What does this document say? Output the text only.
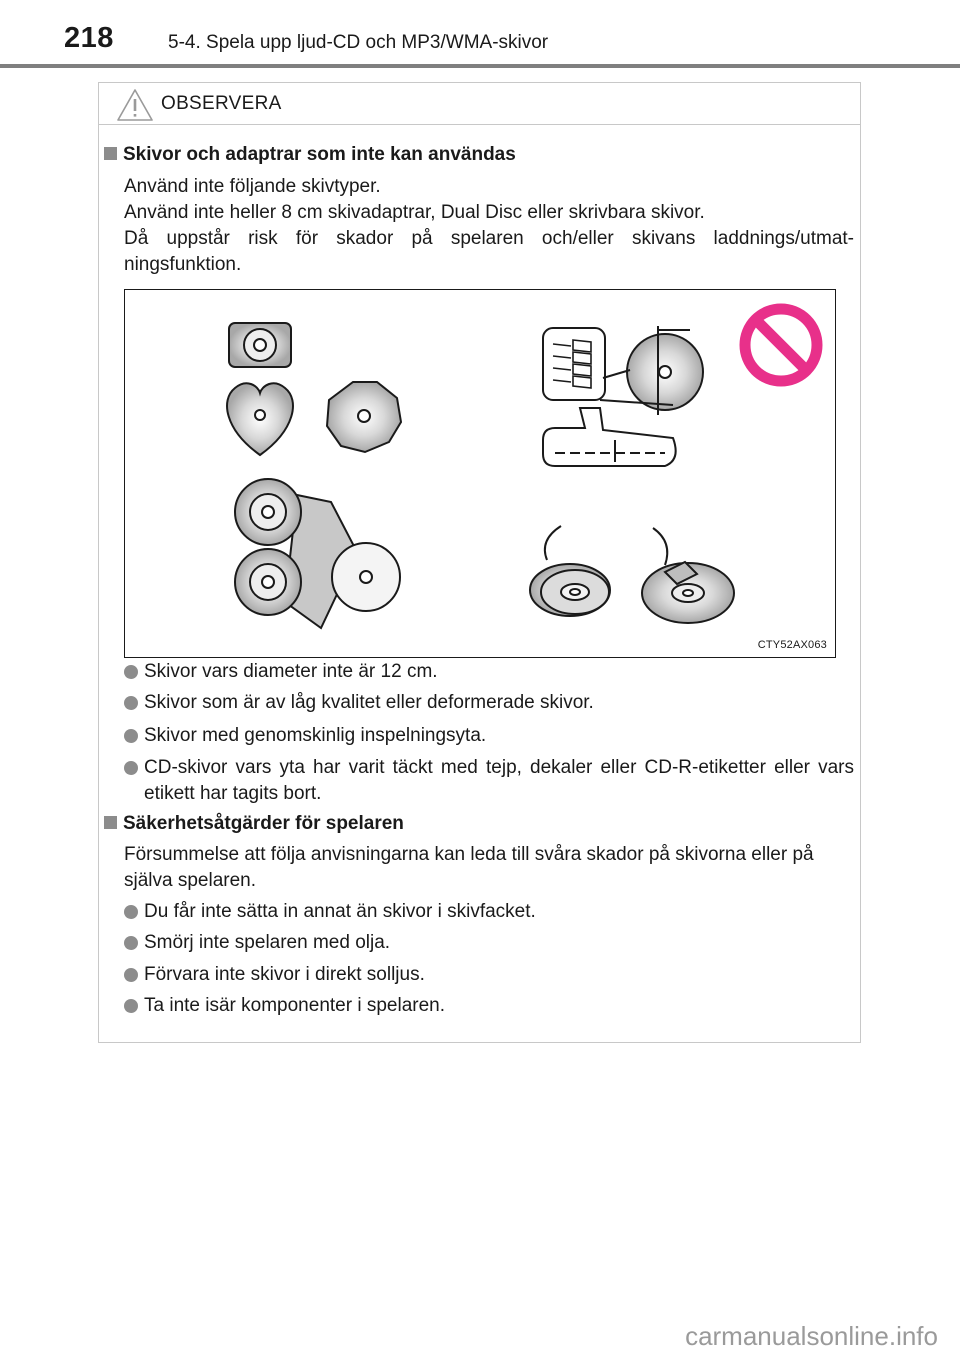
218	5-4. Spela upp ljud-CD och MP3/WMA-skivor
OBSERVERA
Skivor och adaptrar som inte kan användas
Använd inte följande skivtyper.
Använd inte heller 8 cm skivadaptrar, Dual Disc eller skrivbara skivor.
Då uppstår risk för skador på spelaren och/eller skivans laddnings/utmat-ningsfunktion.
CTY52AX063
Skivor vars diameter inte är 12 cm.
Skivor som är av låg kvalitet eller deformerade skivor.
Skivor med genomskinlig inspelningsyta.
CD-skivor vars yta har varit täckt med tejp, dekaler eller CD-R-etiketter eller vars etikett har tagits bort.
Säkerhetsåtgärder för spelaren
Försummelse att följa anvisningarna kan leda till svåra skador på skivorna eller på själva spelaren.
Du får inte sätta in annat än skivor i skivfacket.
Smörj inte spelaren med olja.
Förvara inte skivor i direkt solljus.
Ta inte isär komponenter i spelaren.
carmanualsonline.info
